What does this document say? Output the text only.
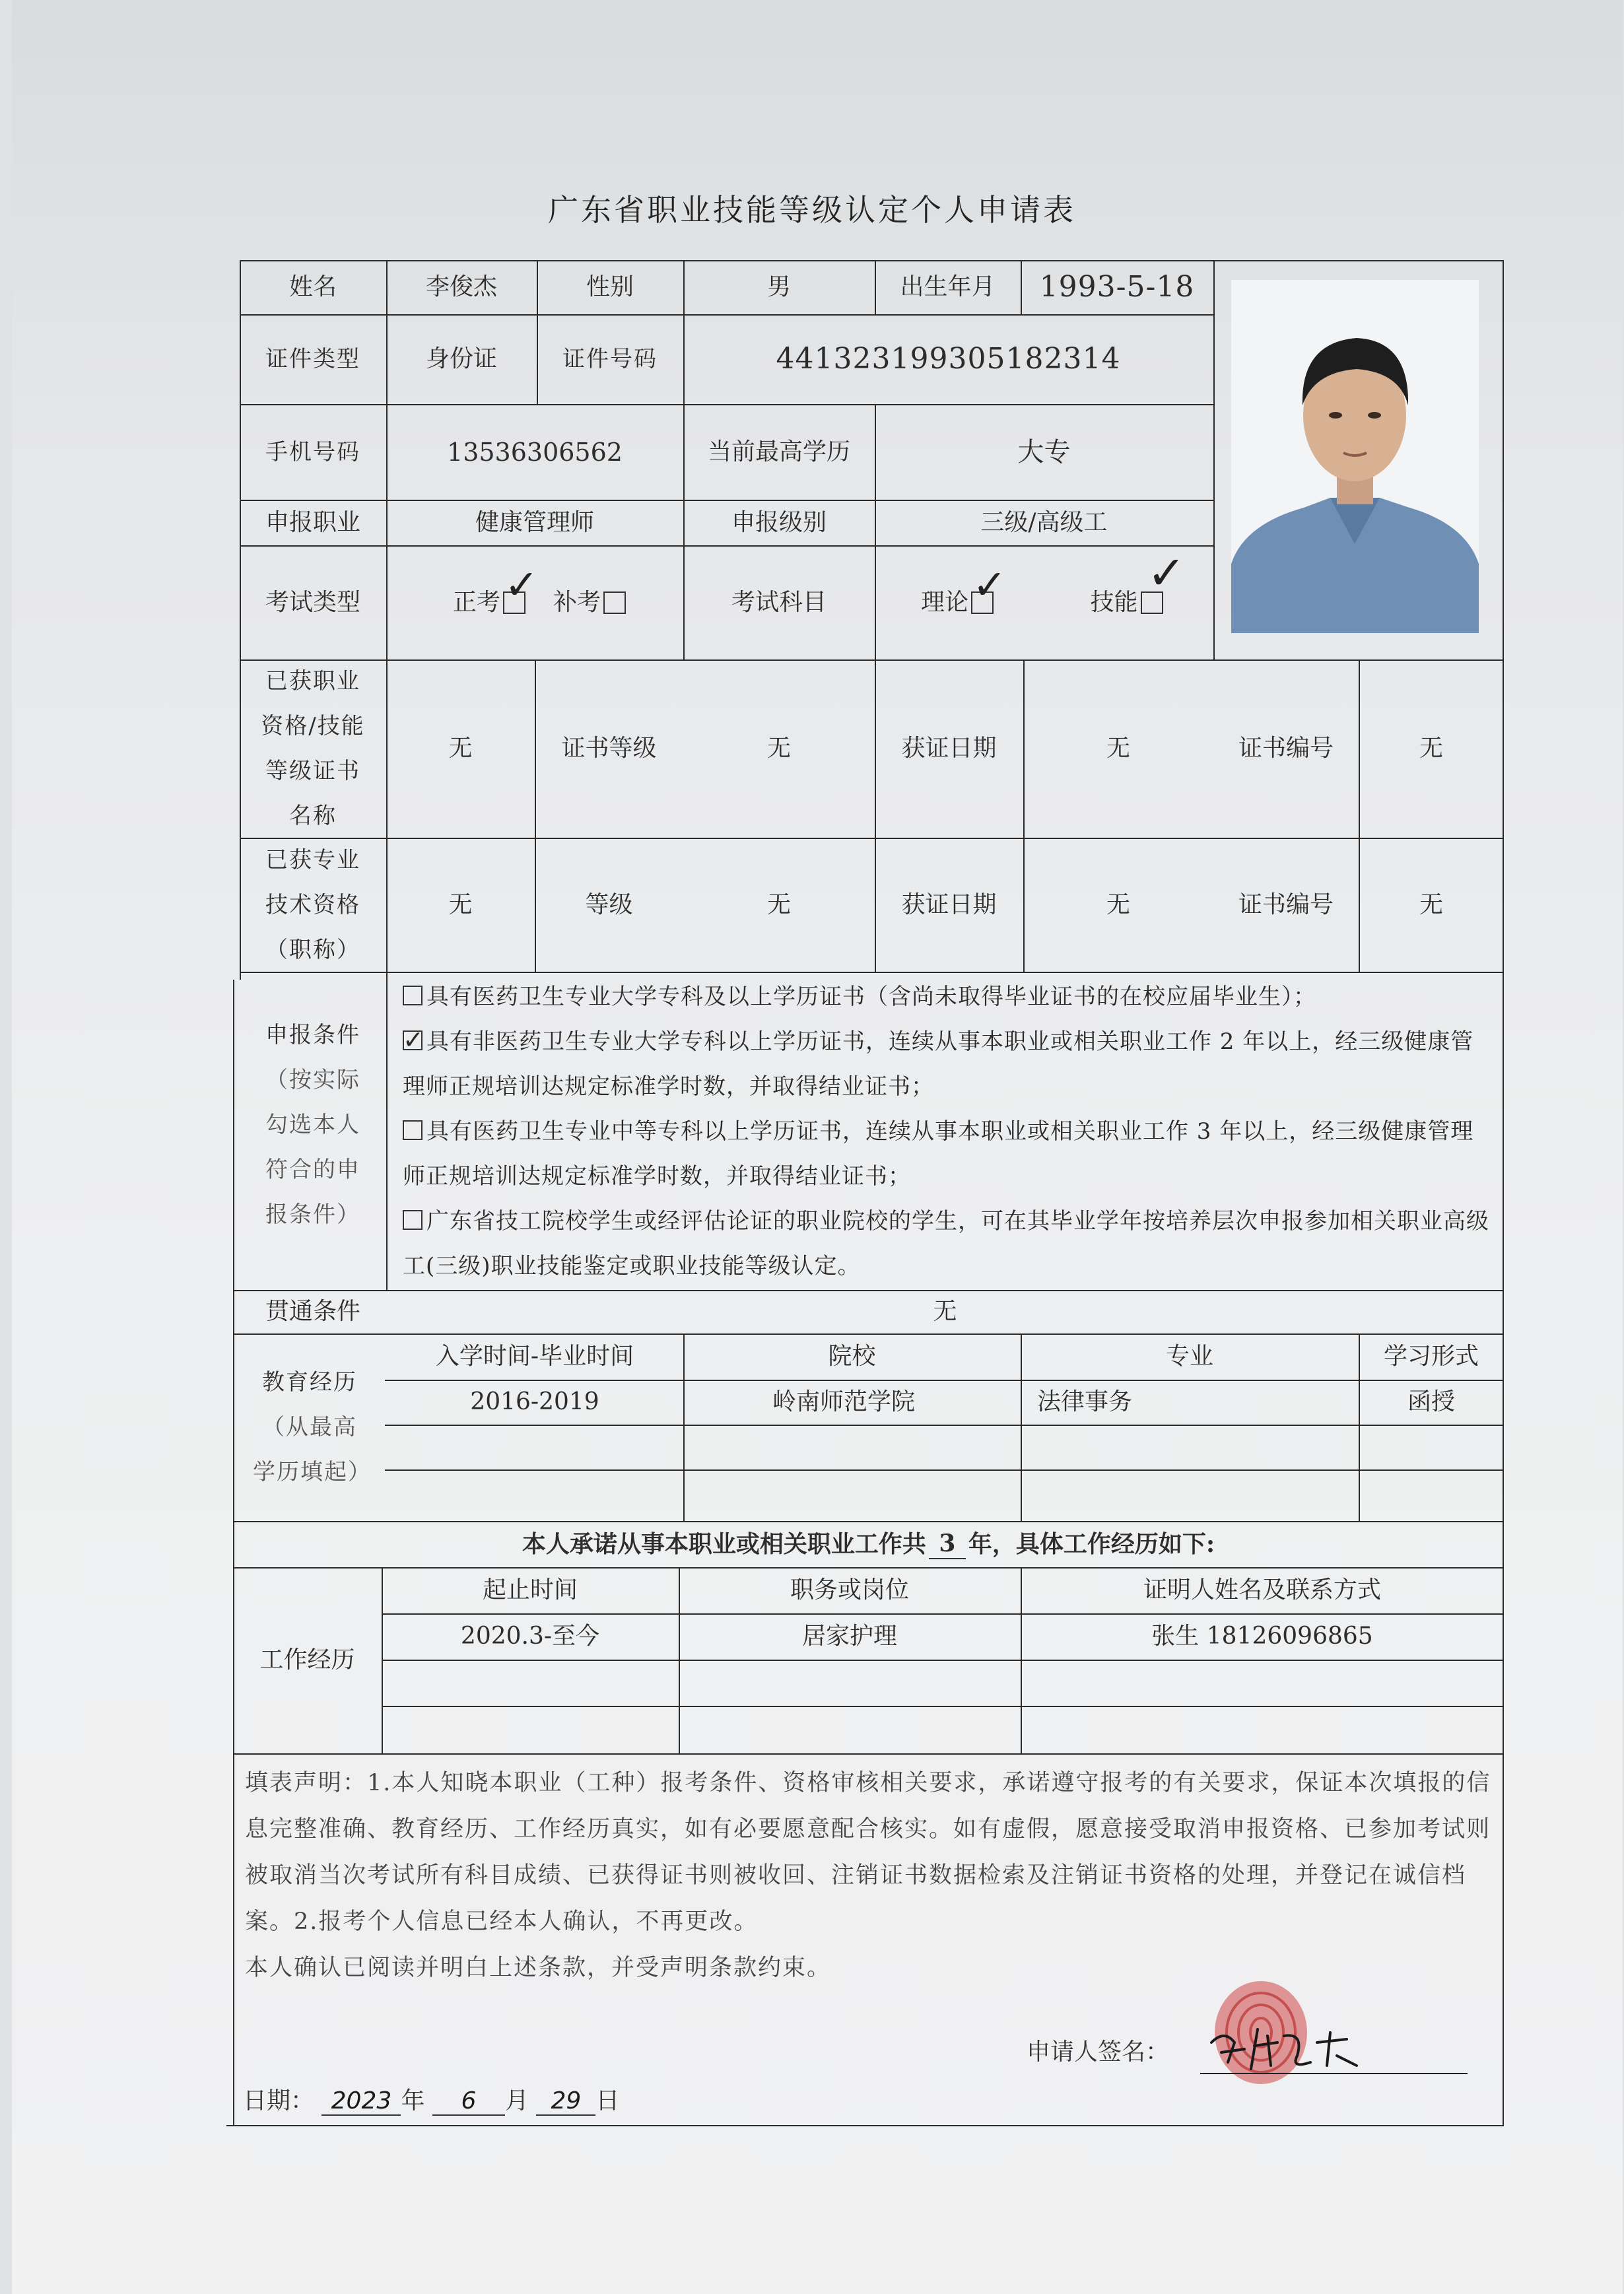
广东省职业技能等级认定个人申请表
姓名	李俊杰	性别	男	出生年月	1993-5-18
证件类型	身份证	证件号码	441323199305182314
手机号码	13536306562	当前最高学历	大专
申报职业	健康管理师	申报级别	三级/高级工
考试类型	正考 ✓ 补考	考试科目	理论 ✓	技能
✓
已获职业资格/技能等级证书名称
无	证书等级	无	获证日期	无	证书编号	无
已获专业技术资格（职称）
无	等级	无	获证日期	无	证书编号	无
申报条件
（按实际勾选本人符合的申报条件）
具有医药卫生专业大学专科及以上学历证书（含尚未取得毕业证书的在校应届毕业生）；
✓ 具有非医药卫生专业大学专科以上学历证书，连续从事本职业或相关职业工作 2 年以上，经三级健康管理师正规培训达规定标准学时数，并取得结业证书；
具有医药卫生专业中等专科以上学历证书，连续从事本职业或相关职业工作 3 年以上，经三级健康管理师正规培训达规定标准学时数，并取得结业证书；
广东省技工院校学生或经评估论证的职业院校的学生，可在其毕业学年按培养层次申报参加相关职业高级工(三级)职业技能鉴定或职业技能等级认定。
贯通条件	无
教育经历
（从最高学历填起）
入学时间-毕业时间	院校	专业	学习形式
2016-2019	岭南师范学院	法律事务	函授
本人承诺从事本职业或相关职业工作共 3 年，具体工作经历如下:
工作经历
起止时间	职务或岗位	证明人姓名及联系方式
2020.3-至今	居家护理	张生 18126096865
填表声明：1.本人知晓本职业（工种）报考条件、资格审核相关要求，承诺遵守报考的有关要求，保证本次填报的信息完整准确、教育经历、工作经历真实，如有必要愿意配合核实。如有虚假，愿意接受取消申报资格、已参加考试则被取消当次考试所有科目成绩、已获得证书则被收回、注销证书数据检索及注销证书资格的处理，并登记在诚信档案。2.报考个人信息已经本人确认，不再更改。
本人确认已阅读并明白上述条款，并受声明条款约束。
申请人签名：
日期： 2023 年 6 月 29 日
